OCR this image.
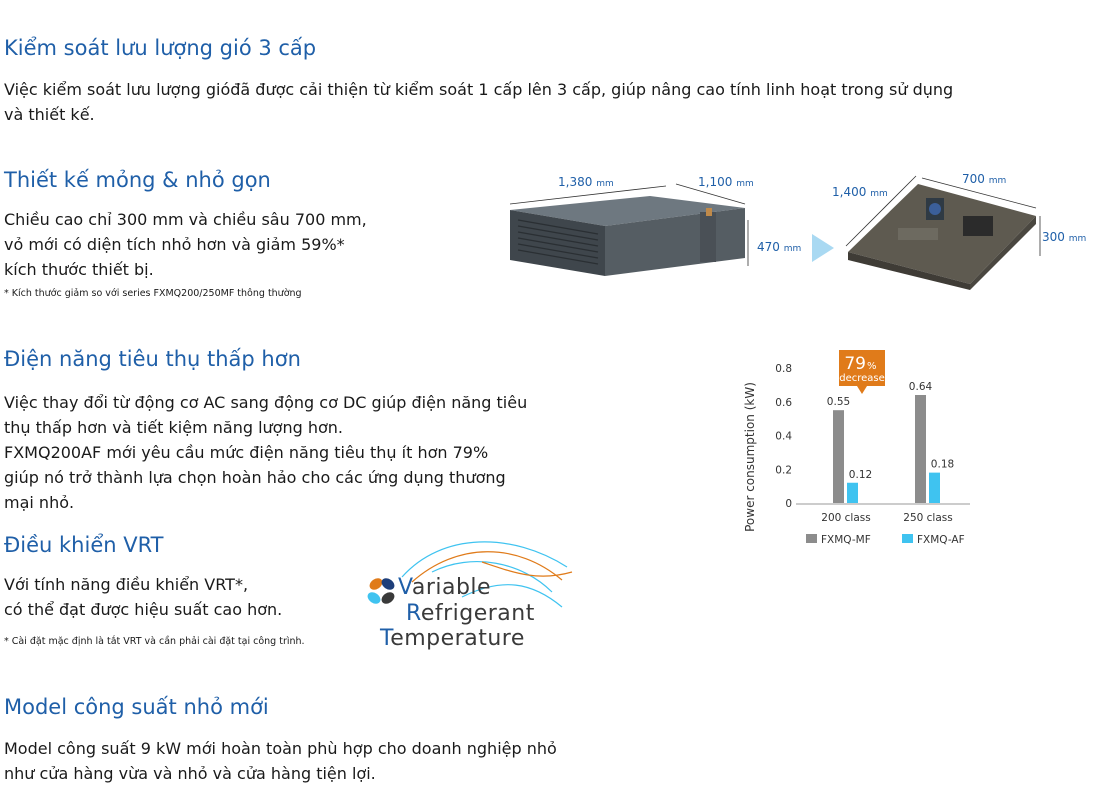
Kiểm soát lưu lượng gió 3 cấp

Việc kiểm soát lưu lượng gióđã được cải thiện từ kiểm soát 1 cấp lên 3 cấp, giúp nâng cao tính linh hoạt trong sử dụng

và thiết kế.

Thiết kế mỏng & nhỏ gọn

Chiều cao chỉ 300 mm và chiều sâu 700 mm,

vỏ mới có diện tích nhỏ hơn và giảm 59%*

kích thước thiết bị.

* Kích thước giảm so với series FXMQ200/250MF thông thường

1,380 mm	1,100 mm
470 mm
1,400 mm
700 mm
300 mm
Điện năng tiêu thụ thấp hơn

Việc thay đổi từ động cơ AC sang động cơ DC giúp điện năng tiêu

thụ thấp hơn và tiết kiệm năng lượng hơn.

FXMQ200AF mới yêu cầu mức điện năng tiêu thụ ít hơn 79%

giúp nó trở thành lựa chọn hoàn hảo cho các ứng dụng thương

mại nhỏ.	Power consumption (kW)	0
0.2
0.4
0.6
0.8
0.55
0.12
200 class
0.64
0.18
250 class
79 %
decrease
FXMQ-MF	FXMQ-AF
Điều khiển VRT

Với tính năng điều khiển VRT*,

có thể đạt được hiệu suất cao hơn.

* Cài đặt mặc định là tắt VRT và cần phải cài đặt tại công trình.

Variable
Refrigerant
Temperature
Model công suất nhỏ mới

Model công suất 9 kW mới hoàn toàn phù hợp cho doanh nghiệp nhỏ

như cửa hàng vừa và nhỏ và cửa hàng tiện lợi.
